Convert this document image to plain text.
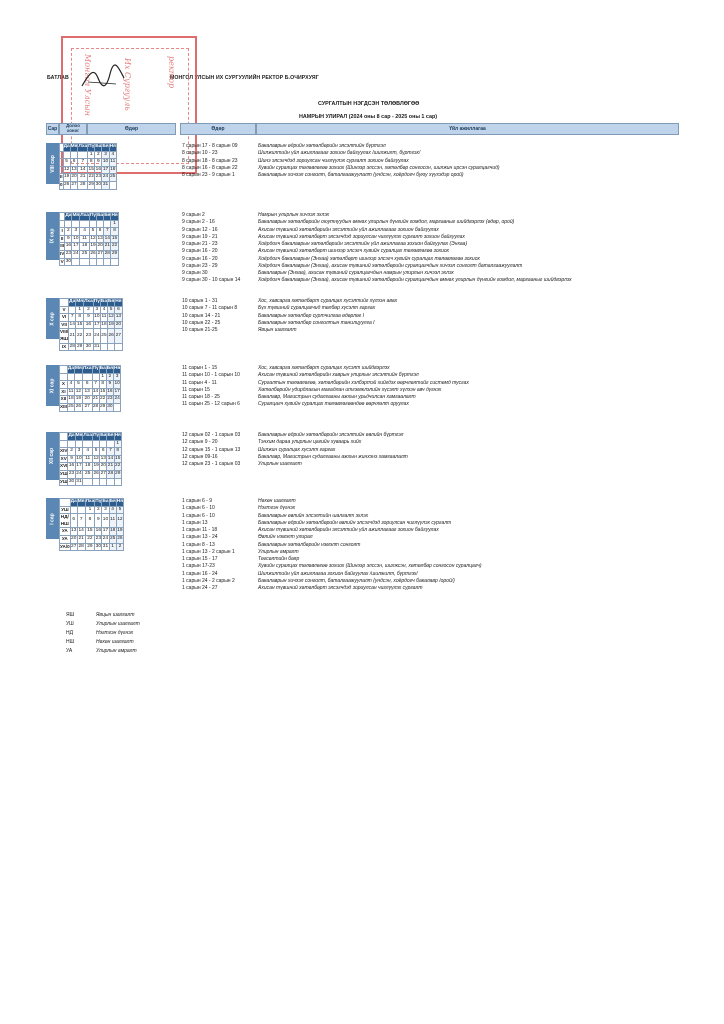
БАТЛАВ	МОНГОЛ УЛСЫН ИХ СУРГУУЛИЙН РЕКТОР Б.ОЧИРХУЯГ
СУРГАЛТЫН НЭГДСЭН ТӨЛӨВЛӨГӨӨ
НАМРЫН УЛИРАЛ (2024 оны 8 сар - 2025 оны 1 сар)
Монгол Улсын	Их Сургууль	ректор
Сар
Долоо хоног	Өдөр	Өдөр	Үйл ажиллагаа
VIII сар
	Да	Мя	Лха	Пү	Ба	Бя	Ня
				1	2	3	4
	5	6	7	8	9	10	11
	12	13	14	15	16	17	18
II	19	20	21	22	23	24	25
0	26	27	28	29	30	31	
7 сарын 17 - 8 сарын 09	Бакалаврын өдрийн хөтөлбөрийн элсэлтийн бүртгэл
8 сарын 10 - 23	Шилжилтийн үйл ажиллагааг зохион байгуулах /шилжилт, бүртгэх/
8 сарын 18 - 8 сарын 23	Шинэ элсэгчдэд зориулсан чиглүүлэх сургалт зохион байгуулах
8 сарын 16 - 8 сарын 22	Хувийн суралцах төлөвлөгөө зохиох (Шинээр элссэн, хөтөлбөр сонгосон, шилжин ирсэн суралцагчид)
8 сарын 23 - 9 сарын 1	Бакалаврын хичээл сонголт, баталгаажуулалт (үндсэн, хоёрдогч буюу хүүхэдэр орой)
IX сар
	Да	Мя	Лха	Пү	Ба	Бя	Ня
							1
I	2	3	4	5	6	7	8
II	9	10	11	12	13	14	15
III	16	17	18	19	20	21	22
IV	23	24	25	26	27	28	29
V	30						
9 сарын 2	Намрын улирлын хичээл эхлэх
9 сарын 2 - 16	Бакалаврын хөтөлбөрийн оюутнуудын өмнөх улирлын дүнгийн гомдол, маргааныг шийдвэрлэх (өдөр, орой)
9 сарын 12 - 16	Ахисан түвшний хөтөлбөрийн элсэлтийн үйл ажиллагааг зохион байгуулах
9 сарын 19 - 21	Ахисан түвшний хөтөлбөрт элсэгчдэд зориулсан чиглүүлэх сургалт зохион байгуулах
9 сарын 21 - 23	Хоёрдогч бакалаврын хөтөлбөрийн элсэлтийн үйл ажиллагаа зохион байгуулах (Энхаа)
9 сарын 16 - 20	Ахисан түвшний хөтөлбөрт шинээр элсэгч хувийн суралцах төлөвлөгөө зохиох
9 сарын 16 - 20	Хоёрдогч бакалаврын (Энхаа) хөтөлбөрт шинээр элсэгч хувийн суралцах төлөвлөгөө зохиох
9 сарын 23 - 29	Хоёрдогч бакалаврын (Энхаа), ахисан түвшний хөтөлбөрийн суралцагчдын хичээл сонголт баталгаажуулалт
9 сарын 30	Бакалаврын (Энхаа), ахисан түвшний суралцагчдын намрын улирлын хичээл эхлэх
9 сарын 30 - 10 сарын 14	Хоёрдогч бакалаврын (Энхаа), ахисан түвшний хөтөлбөрийн суралцагчдын өмнөх улирлын дүнгийн гомдол, маргааныг шийдвэрлэх
X сар
	Да	Мя	Лха	Пү	Ба	Бя	Ня
V		1	2	3	4	5	6
VI	7	8	9	10	11	12	13
VII	14	15	16	17	18	19	20
VIII/ЯШ	21	22	23	24	25	26	27
IX	28	29	30	31			
10 сарын 1 - 31	Хос, хавсарга хөтөлбөрт суралцах хүсэлтийг хүлээн авах
10 сарын 7 - 11 сарын 8	Бүх түвшний суралцагчид төлбөр хүсэлт гаргах
10 сарын 14 - 21	Бакалаврын хөтөлбөр суртчилгаа өдөрлөг I
10 сарын 22 - 25	Бакалаврын хөтөлбөр сонголтын танилцуулга I
10 сарын 21-25	Явцын шалгалт
XI сар
	Да	Мя	Лха	Пү	Ба	Бя	Ня
					1	2	3
X	4	5	6	7	8	9	10
XI	11	12	13	14	15	16	17
XII	18	19	20	21	22	23	24
XIII	25	26	27	28	29	30	
11 сарын 1 - 15	Хос, хавсарга хөтөлбөрт суралцах хүсэлт шийдвэрлэх
11 сарын 10 - 1 сарын 10	Ахисан түвшний хөтөлбөрийн хаврын улирлын элсэлтийн бүртгэл
11 сарын 4 - 11	Сургалтын төлөвлөгөө, хөтөлбөрийн хэлбэртэй хийгдэх өөрчлөлтийг системд тусгах
11 сарын 15	Хөтөлбөрийн удирдлагын магадлан итгэмжлэлийн хүсэлт хүлээн авч дүгнэх
11 сарын 18 - 25	Бакалавр, Магистрын судалгааны ажлын урьдчилсан хамгаалалт
11 сарын 25 - 12 сарын 6	Суралцагч хувийн суралцах төлөвлөгөөндөө өөрчлөлт оруулах
XII сар
	Да	Мя	Лха	Пү	Ба	Бя	Ня
							1
XIV	2	3	4	5	6	7	8
XV	9	10	11	12	13	14	15
XVI	16	17	18	19	20	21	22
УШ	23	24	25	26	27	28	29
УШ	30	31					
12 сарын 02 - 1 сарын 03	Бакалаврын өдрийн хөтөлбөрийн элсэлтийн өвлийн бүртгэл
12 сарын 9 - 20	Тэнхим дараа улирлын цагийн хуваарь хийх
12 сарын 15 - 1 сарын 13	Шилжин суралцах хүсэлт гаргах
12 сарын 09-16	Бакалавр, Магистрын судалгааны ажлын жинхэнэ хамгаалалт
12 сарын 23 - 1 сарын 03	Улирлын шалгалт
I сар
	Да	Мя	Лха	Пү	Ба	Бя	Ня
УШ			1	2	3	4	5
НД/НШ	6	7	8	9	10	11	12
УА	13	14	15	16	17	18	19
УА	20	21	22	23	24	25	26
УА/0	27	28	29	30	31	1	2
1 сарын 6 - 9	Нөхөн шалгалт
1 сарын 6 - 10	Нэгтгэн дүгнэх
1 сарын 6 - 10	Бакалаврын өвлийн элсэлтийн шалгалт эхлэх
1 сарын 13	Бакалаврын өдрийн хөтөлбөрийн өвлийн элсэгчдэд зориулсан чиглүүлэх сургалт
1 сарын 11 - 18	Ахисан түвшний хөтөлбөрийн элсэлтийн үйл ажиллагааг зохион байгуулах
1 сарын 13 - 24	Өвлийн нэмэлт улирал
1 сарын 8 - 13	Бакалаврын хөтөлбөрийн нэмэлт сонголт
1 сарын 13 - 2 сарын 1	Улирлын амралт
1 сарын 15 - 17	Төгсөлтийн баяр
1 сарын 17-23	Хувийн суралцах төлөвлөгөө зохиох (Шинээр элссэн, шилжсэн, хөтөлбөр сонгосон суралцагч)
1 сарын 16 - 24	Шилжилтийн үйл ажиллагаа зохион байгуулах /шилжилт, бүртгэх/
1 сарын 24 - 2 сарын 2	Бакалаврын хичээл сонголт, баталгаажуулалт (үндсэн, хоёрдогч бакалавр /орой/)
1 сарын 24 - 27	Ахисан түвшний хөтөлбөрт элсэгчдэд зориулсан чиглүүлэх сургалт
ЯШ	Явцын шалгалт
УШ	Улирлын шалгалт
НД	Нэгтгэн дүгнэх
НШ	Нөхөн шалгалт
УА	Улирлын амралт
